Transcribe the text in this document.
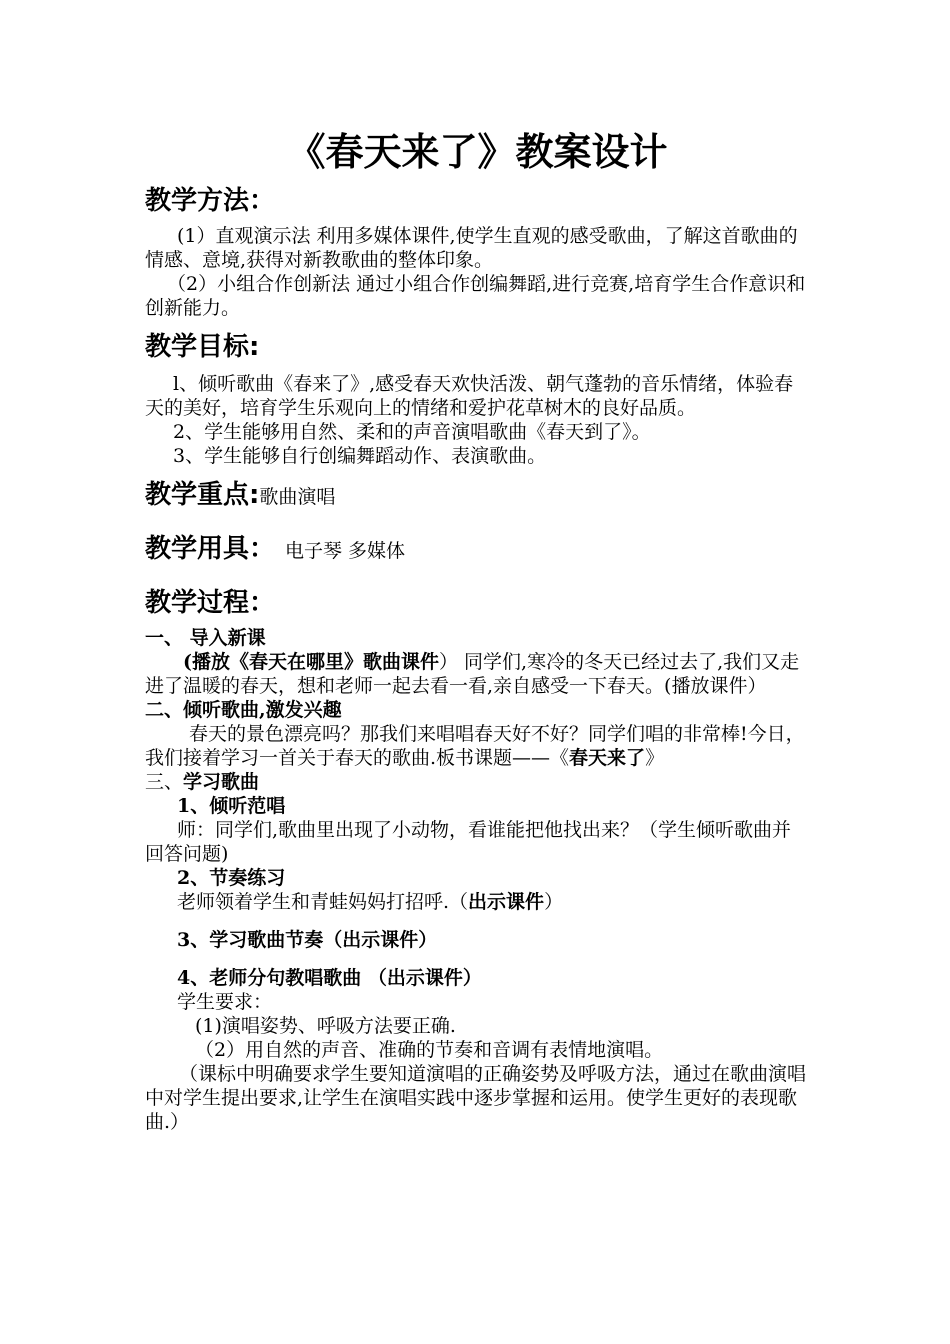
《春天来了》教案设计
教学方法：

(1）直观演示法 利用多媒体课件,使学生直观的感受歌曲，了解这首歌曲的情感、意境,获得对新教歌曲的整体印象。

（2）小组合作创新法 通过小组合作创编舞蹈,进行竞赛,培育学生合作意识和创新能力。

教学目标:

l、倾听歌曲《春来了》,感受春天欢快活泼、朝气蓬勃的音乐情绪，体验春天的美好，培育学生乐观向上的情绪和爱护花草树木的良好品质。

2、学生能够用自然、柔和的声音演唱歌曲《春天到了》。

3、学生能够自行创编舞蹈动作、表演歌曲。

教学重点:歌曲演唱
教学用具： 电子琴 多媒体
教学过程：

一、 导入新课

(播放《春天在哪里》歌曲课件） 同学们,寒冷的冬天已经过去了,我们又走进了温暖的春天，想和老师一起去看一看,亲自感受一下春天。(播放课件）

二、倾听歌曲,激发兴趣

春天的景色漂亮吗？那我们来唱唱春天好不好？同学们唱的非常棒!今日，我们接着学习一首关于春天的歌曲.板书课题——《春天来了》

三、学习歌曲

1、倾听范唱

师：同学们,歌曲里出现了小动物，看谁能把他找出来？（学生倾听歌曲并回答问题)

2、节奏练习

老师领着学生和青蛙妈妈打招呼.（出示课件）

3、学习歌曲节奏（出示课件）

4、老师分句教唱歌曲 （出示课件）

学生要求：

(1)演唱姿势、呼吸方法要正确.

（2）用自然的声音、准确的节奏和音调有表情地演唱。

（课标中明确要求学生要知道演唱的正确姿势及呼吸方法，通过在歌曲演唱中对学生提出要求,让学生在演唱实践中逐步掌握和运用。使学生更好的表现歌曲.）
